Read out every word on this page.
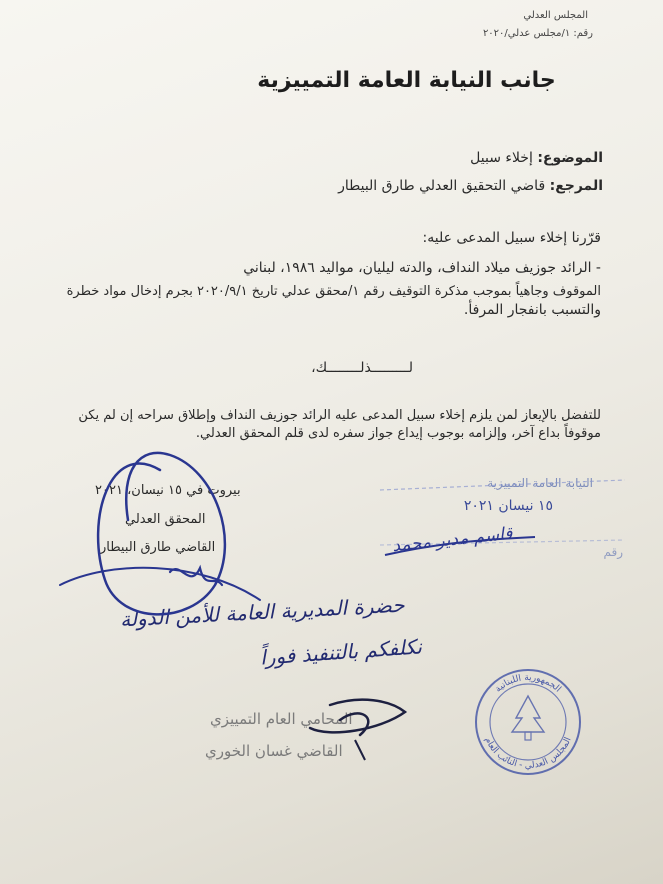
المجلس العدلي
رقم: ١/مجلس عدلي/٢٠٢٠
جانب النيابة العامة التمييزية
الموضوع: إخلاء سبيل
المرجع: قاضي التحقيق العدلي طارق البيطار
قرّرنا إخلاء سبيل المدعى عليه:
- الرائد جوزيف ميلاد النداف، والدته ليليان، مواليد ١٩٨٦، لبناني
الموقوف وجاهياً بموجب مذكرة التوقيف رقم ١/محقق عدلي تاريخ ٢٠٢٠/٩/١ بجرم إدخال مواد خطرة
والتسبب بانفجار المرفأ.
لـــــــــذلــــــــك،
للتفضل بالإيعاز لمن يلزم إخلاء سبيل المدعى عليه الرائد جوزيف النداف وإطلاق سراحه إن لم يكن
موقوفاً بداع آخر، وإلزامه بوجوب إيداع جواز سفره لدى قلم المحقق العدلي.
بيروت في ١٥ نيسان، ٢٠٢١
المحقق العدلي
القاضي طارق البيطار
النيابة العامة التمييزية
١٥ نيسان ٢٠٢١
رقم
قاسم مدير محمد
حضرة المديرية العامة للأمن الدولة
نكلفكم بالتنفيذ فوراً
المحامي العام التمييزي
القاضي غسان الخوري
الجمهورية اللبنانية
المجلس العدلي - النائب العام
